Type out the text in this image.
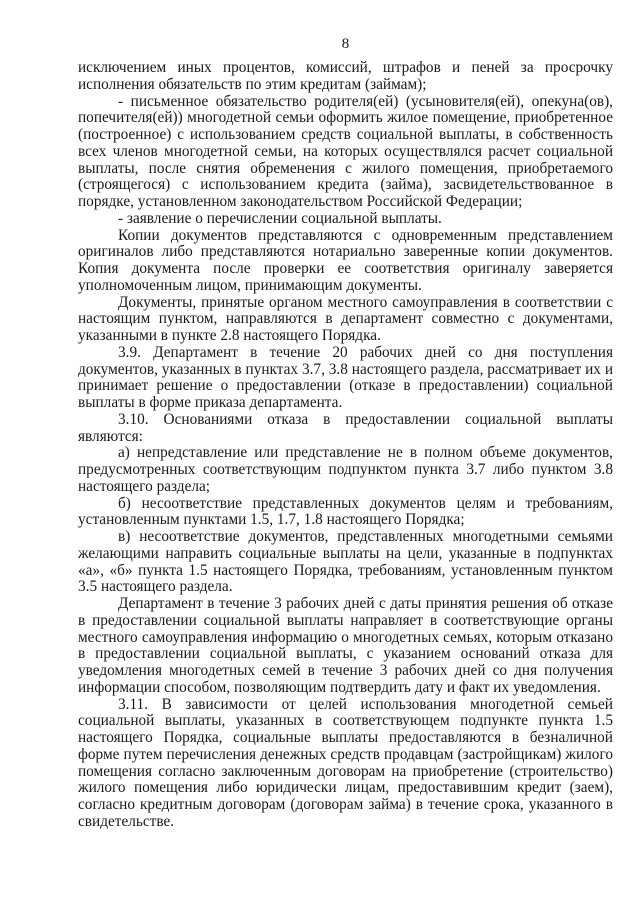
8

исключением иных процентов, комиссий, штрафов и пеней за просрочку исполнения обязательств по этим кредитам (займам);

- письменное обязательство родителя(ей) (усыновителя(ей), опекуна(ов), попечителя(ей)) многодетной семьи оформить жилое помещение, приобретенное (построенное) с использованием средств социальной выплаты, в собственность всех членов многодетной семьи, на которых осуществлялся расчет социальной выплаты, после снятия обременения с жилого помещения, приобретаемого (строящегося) с использованием кредита (займа), засвидетельствованное в порядке, установленном законодательством Российской Федерации;

- заявление о перечислении социальной выплаты.

Копии документов представляются с одновременным представлением оригиналов либо представляются нотариально заверенные копии документов. Копия документа после проверки ее соответствия оригиналу заверяется уполномоченным лицом, принимающим документы.

Документы, принятые органом местного самоуправления в соответствии с настоящим пунктом, направляются в департамент совместно с документами, указанными в пункте 2.8 настоящего Порядка.

3.9. Департамент в течение 20 рабочих дней со дня поступления документов, указанных в пунктах 3.7, 3.8 настоящего раздела, рассматривает их и принимает решение о предоставлении (отказе в предоставлении) социальной выплаты в форме приказа департамента.

3.10. Основаниями отказа в предоставлении социальной выплаты являются:

а) непредставление или представление не в полном объеме документов, предусмотренных соответствующим подпунктом пункта 3.7 либо пунктом 3.8 настоящего раздела;

б) несоответствие представленных документов целям и требованиям, установленным пунктами 1.5, 1.7, 1.8 настоящего Порядка;

в) несоответствие документов, представленных многодетными семьями желающими направить социальные выплаты на цели, указанные в подпунктах «а», «б» пункта 1.5 настоящего Порядка, требованиям, установленным пунктом 3.5 настоящего раздела.

Департамент в течение 3 рабочих дней с даты принятия решения об отказе в предоставлении социальной выплаты направляет в соответствующие органы местного самоуправления информацию о многодетных семьях, которым отказано в предоставлении социальной выплаты, с указанием оснований отказа для уведомления многодетных семей в течение 3 рабочих дней со дня получения информации способом, позволяющим подтвердить дату и факт их уведомления.

3.11. В зависимости от целей использования многодетной семьей социальной выплаты, указанных в соответствующем подпункте пункта 1.5 настоящего Порядка, социальные выплаты предоставляются в безналичной форме путем перечисления денежных средств продавцам (застройщикам) жилого помещения согласно заключенным договорам на приобретение (строительство) жилого помещения либо юридически лицам, предоставившим кредит (заем), согласно кредитным договорам (договорам займа) в течение срока, указанного в свидетельстве.
